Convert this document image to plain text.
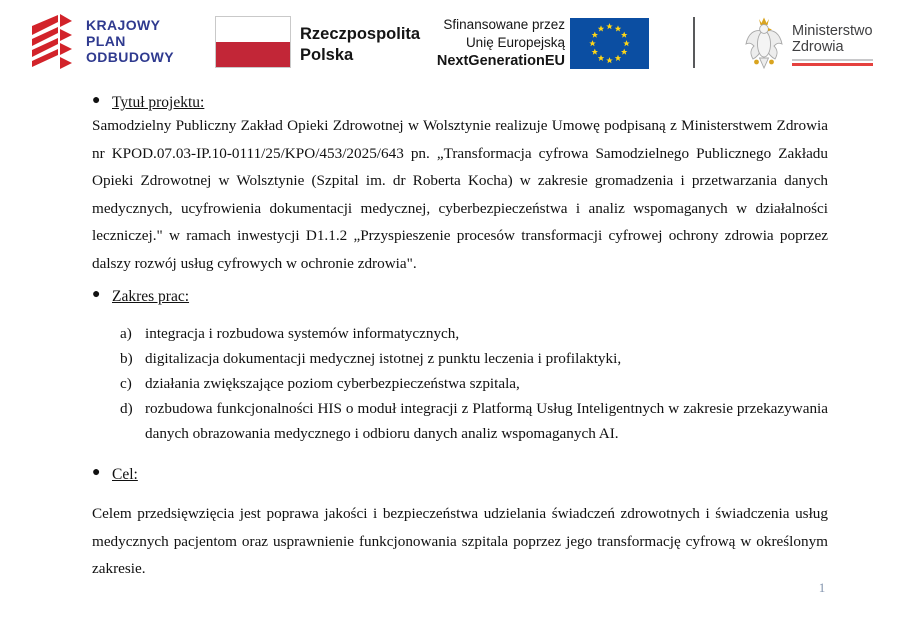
KRAJOWY
PLAN
ODBUDOWY
Rzeczpospolita
Polska
Sfinansowane przez
Unię Europejską
NextGenerationEU
Ministerstwo
Zdrowia
● Tytuł projektu:
Samodzielny Publiczny Zakład Opieki Zdrowotnej w Wolsztynie realizuje Umowę podpisaną z Ministerstwem Zdrowia nr KPOD.07.03-IP.10-0111/25/KPO/453/2025/643 pn. „Transformacja cyfrowa Samodzielnego Publicznego Zakładu Opieki Zdrowotnej w Wolsztynie (Szpital im. dr Roberta Kocha) w zakresie gromadzenia i przetwarzania danych medycznych, ucyfrowienia dokumentacji medycznej, cyberbezpieczeństwa i analiz wspomaganych w działalności leczniczej." w ramach inwestycji D1.1.2 „Przyspieszenie procesów transformacji cyfrowej ochrony zdrowia poprzez dalszy rozwój usług cyfrowych w ochronie zdrowia".
● Zakres prac:
a) integracja i rozbudowa systemów informatycznych,
b) digitalizacja dokumentacji medycznej istotnej z punktu leczenia i profilaktyki,
c) działania zwiększające poziom cyberbezpieczeństwa szpitala,
d) rozbudowa funkcjonalności HIS o moduł integracji z Platformą Usług Inteligentnych w zakresie przekazywania danych obrazowania medycznego i odbioru danych analiz wspomaganych AI.
● Cel:
Celem przedsięwzięcia jest poprawa jakości i bezpieczeństwa udzielania świadczeń zdrowotnych i świadczenia usług medycznych pacjentom oraz usprawnienie funkcjonowania szpitala poprzez jego transformację cyfrową w określonym zakresie.
1
